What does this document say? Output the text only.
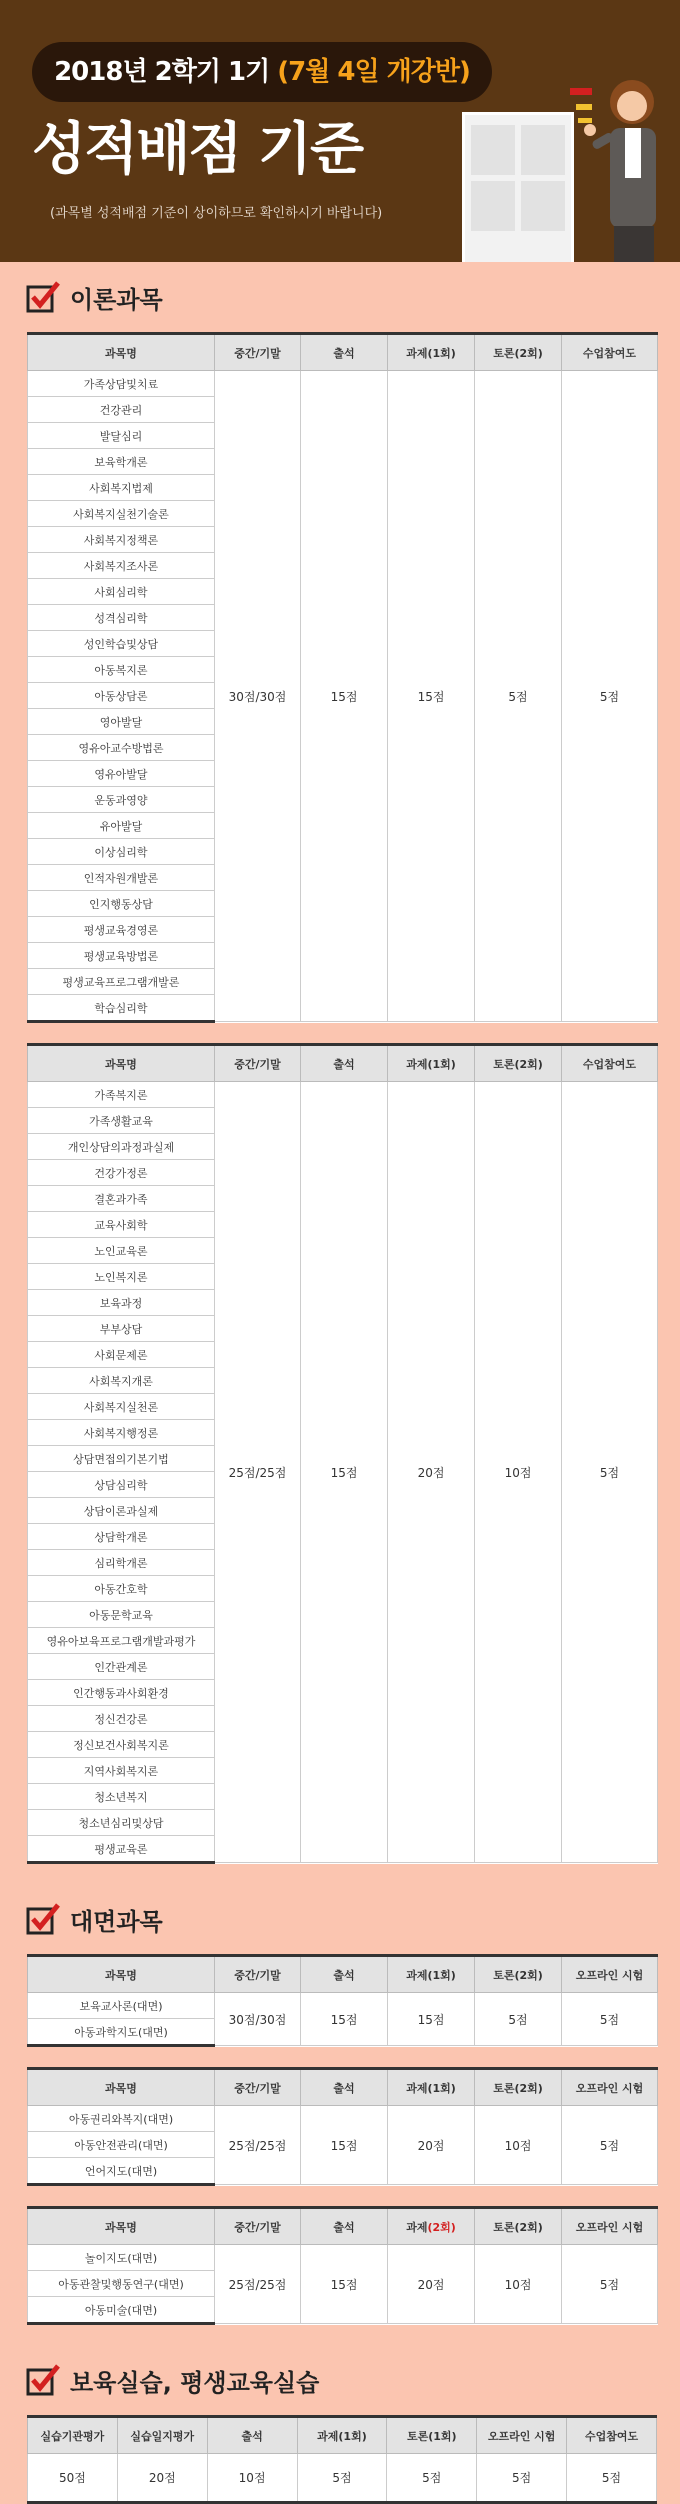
2018년 2학기 1기 (7월 4일 개강반)
성적배점 기준
(과목별 성적배점 기준이 상이하므로 확인하시기 바랍니다)
이론과목
과목명	중간/기말	출석	과제(1회)	토론(2회)	수업참여도
가족상담및치료	30점/30점	15점	15점	5점	5점
건강관리					
발달심리					
보육학개론					
사회복지법제					
사회복지실천기술론					
사회복지정책론					
사회복지조사론					
사회심리학					
성격심리학					
성인학습및상담					
아동복지론					
아동상담론					
영아발달					
영유아교수방법론					
영유아발달					
운동과영양					
유아발달					
이상심리학					
인적자원개발론					
인지행동상담					
평생교육경영론					
평생교육방법론					
평생교육프로그램개발론					
학습심리학					
과목명	중간/기말	출석	과제(1회)	토론(2회)	수업참여도
가족복지론	25점/25점	15점	20점	10점	5점
가족생활교육					
개인상담의과정과실제					
건강가정론					
결혼과가족					
교육사회학					
노인교육론					
노인복지론					
보육과정					
부부상담					
사회문제론					
사회복지개론					
사회복지실천론					
사회복지행정론					
상담면접의기본기법					
상담심리학					
상담이론과실제					
상담학개론					
심리학개론					
아동간호학					
아동문학교육					
영유아보육프로그램개발과평가					
인간관계론					
인간행동과사회환경					
정신건강론					
정신보건사회복지론					
지역사회복지론					
청소년복지					
청소년심리및상담					
평생교육론					
대면과목
과목명	중간/기말	출석	과제(1회)	토론(2회)	오프라인 시험
보육교사론(대면)	30점/30점	15점	15점	5점	5점
아동과학지도(대면)					
과목명	중간/기말	출석	과제(1회)	토론(2회)	오프라인 시험
아동권리와복지(대면)	25점/25점	15점	20점	10점	5점
아동안전관리(대면)					
언어지도(대면)					
과목명	중간/기말	출석	과제(2회)	토론(2회)	오프라인 시험
놀이지도(대면)	25점/25점	15점	20점	10점	5점
아동관찰및행동연구(대면)					
아동미술(대면)					
보육실습, 평생교육실습
실습기관평가	실습일지평가	출석	과제(1회)	토론(1회)	오프라인 시험	수업참여도
50점	20점	10점	5점	5점	5점	5점
